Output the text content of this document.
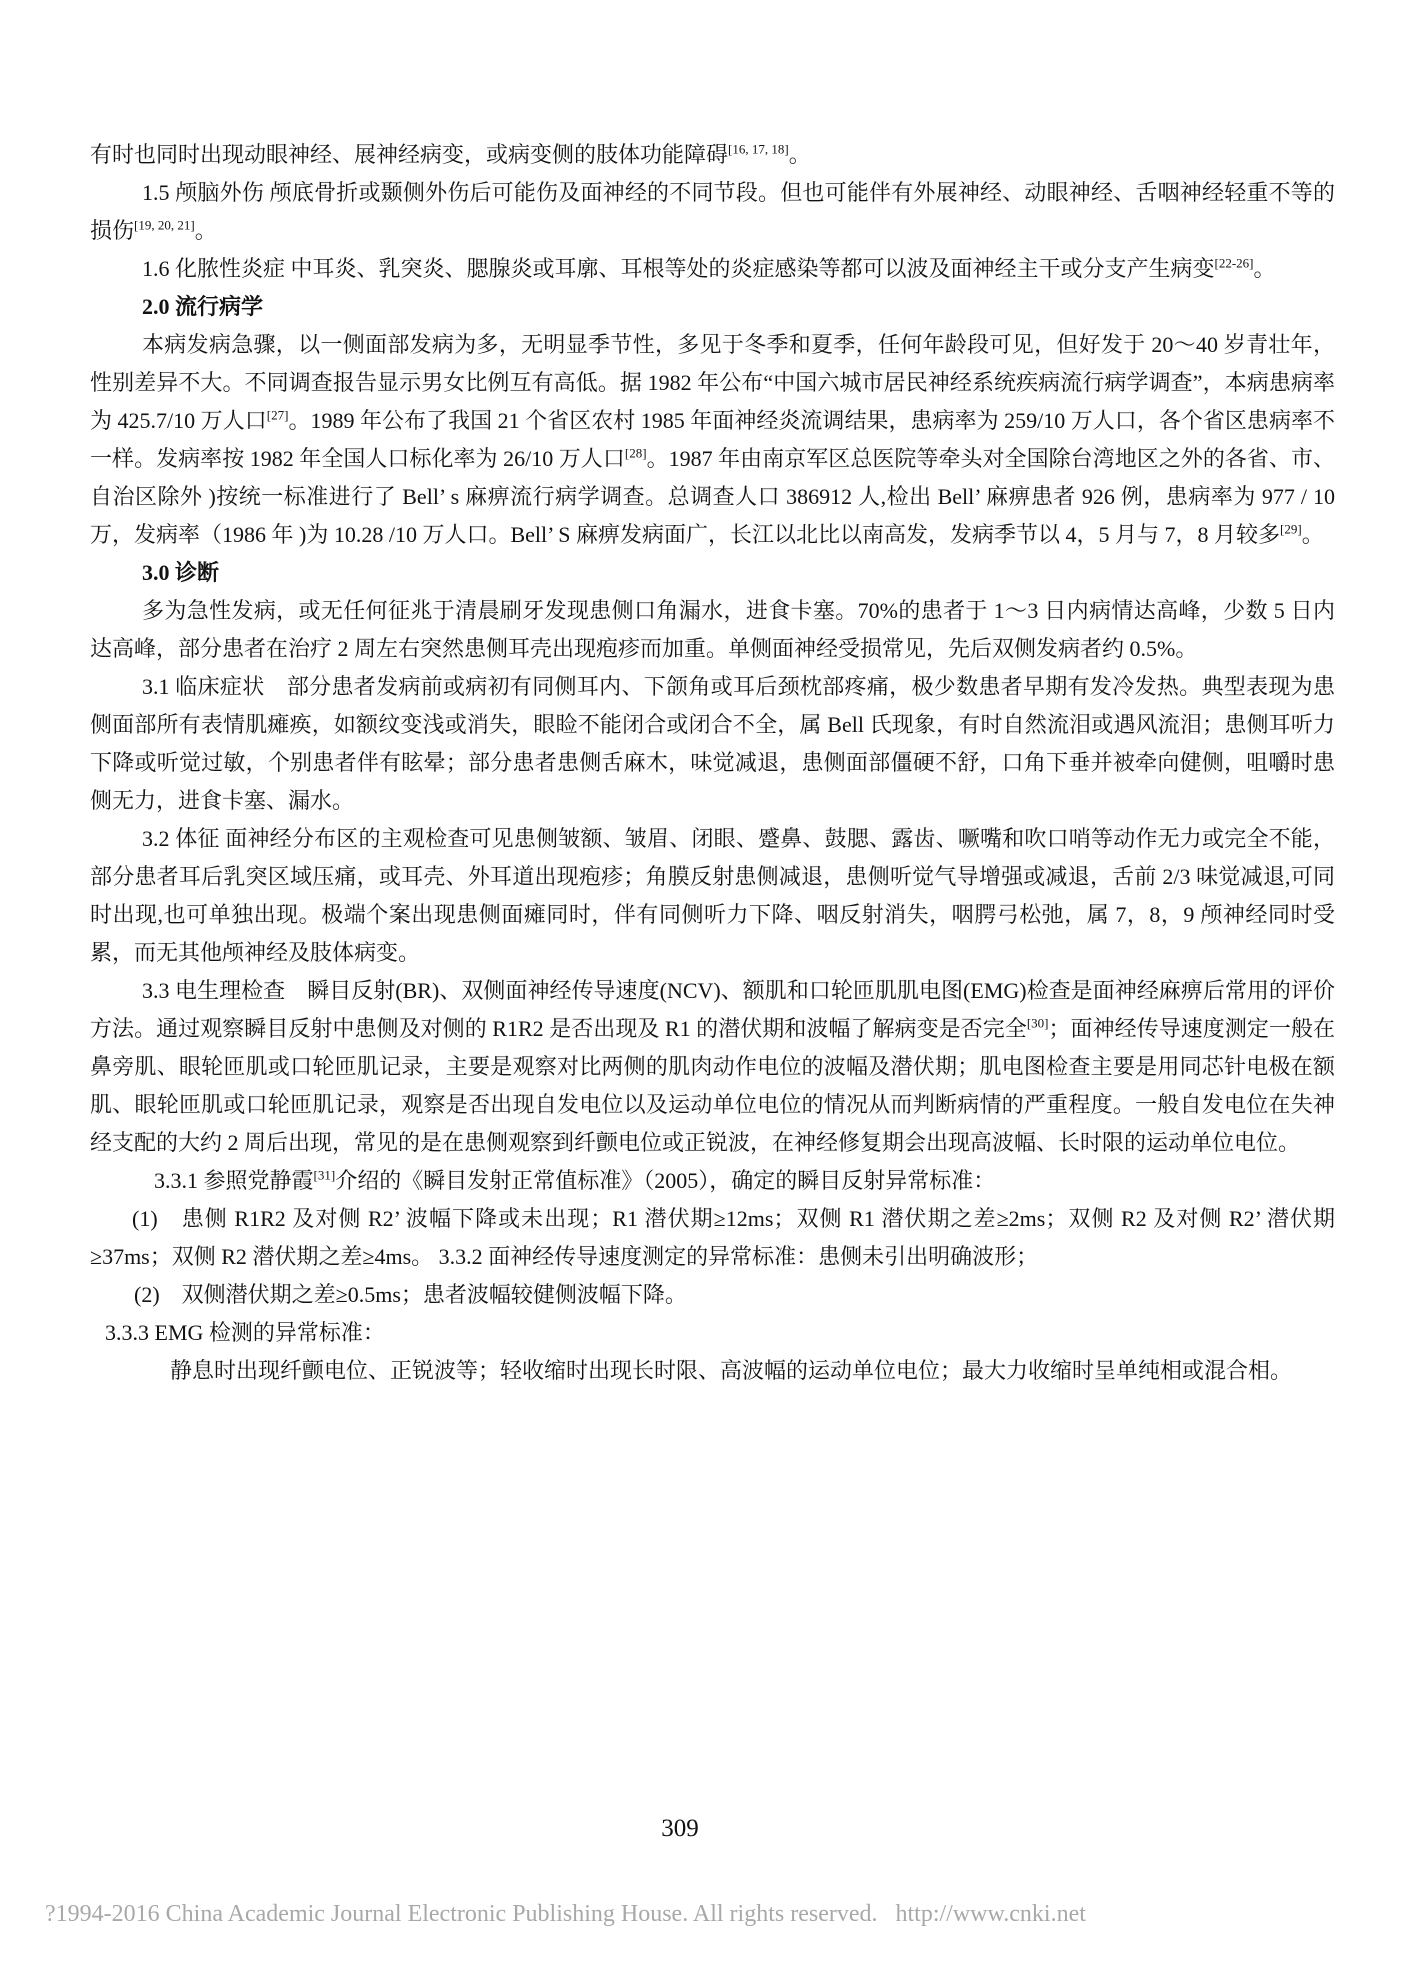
有时也同时出现动眼神经、展神经病变，或病变侧的肢体功能障碍[16, 17, 18]。

1.5 颅脑外伤 颅底骨折或颞侧外伤后可能伤及面神经的不同节段。但也可能伴有外展神经、动眼神经、舌咽神经轻重不等的损伤[19, 20, 21]。

1.6 化脓性炎症 中耳炎、乳突炎、腮腺炎或耳廓、耳根等处的炎症感染等都可以波及面神经主干或分支产生病变[22-26]。

2.0 流行病学

本病发病急骤，以一侧面部发病为多，无明显季节性，多见于冬季和夏季，任何年龄段可见，但好发于 20～40 岁青壮年，性别差异不大。不同调查报告显示男女比例互有高低。据 1982 年公布“中国六城市居民神经系统疾病流行病学调查”，本病患病率为 425.7/10 万人口[27]。1989 年公布了我国 21 个省区农村 1985 年面神经炎流调结果，患病率为 259/10 万人口，各个省区患病率不一样。发病率按 1982 年全国人口标化率为 26/10 万人口[28]。1987 年由南京军区总医院等牵头对全国除台湾地区之外的各省、市、自治区除外 )按统一标准进行了 Bell’ s 麻痹流行病学调查。总调查人口 386912 人,检出 Bell’ 麻痹患者 926 例，患病率为 977 / 10 万，发病率（1986 年 )为 10.28 /10 万人口。Bell’ S 麻痹发病面广，长江以北比以南高发，发病季节以 4，5 月与 7，8 月较多[29]。

3.0 诊断

多为急性发病，或无任何征兆于清晨刷牙发现患侧口角漏水，进食卡塞。70%的患者于 1～3 日内病情达高峰，少数 5 日内达高峰，部分患者在治疗 2 周左右突然患侧耳壳出现疱疹而加重。单侧面神经受损常见，先后双侧发病者约 0.5%。

3.1 临床症状　部分患者发病前或病初有同侧耳内、下颌角或耳后颈枕部疼痛，极少数患者早期有发冷发热。典型表现为患侧面部所有表情肌瘫痪，如额纹变浅或消失，眼睑不能闭合或闭合不全，属 Bell 氏现象，有时自然流泪或遇风流泪；患侧耳听力下降或听觉过敏，个别患者伴有眩晕；部分患者患侧舌麻木，味觉减退，患侧面部僵硬不舒，口角下垂并被牵向健侧，咀嚼时患侧无力，进食卡塞、漏水。

3.2 体征 面神经分布区的主观检查可见患侧皱额、皱眉、闭眼、蹙鼻、鼓腮、露齿、噘嘴和吹口哨等动作无力或完全不能，部分患者耳后乳突区域压痛，或耳壳、外耳道出现疱疹；角膜反射患侧减退，患侧听觉气导增强或减退，舌前 2/3 味觉减退,可同时出现,也可单独出现。极端个案出现患侧面瘫同时，伴有同侧听力下降、咽反射消失，咽腭弓松弛，属 7，8，9 颅神经同时受累，而无其他颅神经及肢体病变。

3.3 电生理检查　瞬目反射(BR)、双侧面神经传导速度(NCV)、额肌和口轮匝肌肌电图(EMG)检查是面神经麻痹后常用的评价方法。通过观察瞬目反射中患侧及对侧的 R1R2 是否出现及 R1 的潜伏期和波幅了解病变是否完全[30]；面神经传导速度测定一般在鼻旁肌、眼轮匝肌或口轮匝肌记录，主要是观察对比两侧的肌肉动作电位的波幅及潜伏期；肌电图检查主要是用同芯针电极在额肌、眼轮匝肌或口轮匝肌记录，观察是否出现自发电位以及运动单位电位的情况从而判断病情的严重程度。一般自发电位在失神经支配的大约 2 周后出现，常见的是在患侧观察到纤颤电位或正锐波，在神经修复期会出现高波幅、长时限的运动单位电位。

3.3.1 参照党静霞[31]介绍的《瞬目发射正常值标准》（2005），确定的瞬目反射异常标准：

(1)　患侧 R1R2 及对侧 R2’ 波幅下降或未出现；R1 潜伏期≥12ms；双侧 R1 潜伏期之差≥2ms；双侧 R2 及对侧 R2’ 潜伏期≥37ms；双侧 R2 潜伏期之差≥4ms。 3.3.2 面神经传导速度测定的异常标准：患侧未引出明确波形；

(2)　双侧潜伏期之差≥0.5ms；患者波幅较健侧波幅下降。

3.3.3 EMG 检测的异常标准：

静息时出现纤颤电位、正锐波等；轻收缩时出现长时限、高波幅的运动单位电位；最大力收缩时呈单纯相或混合相。

309
?1994-2016 China Academic Journal Electronic Publishing House. All rights reserved.   http://www.cnki.net
